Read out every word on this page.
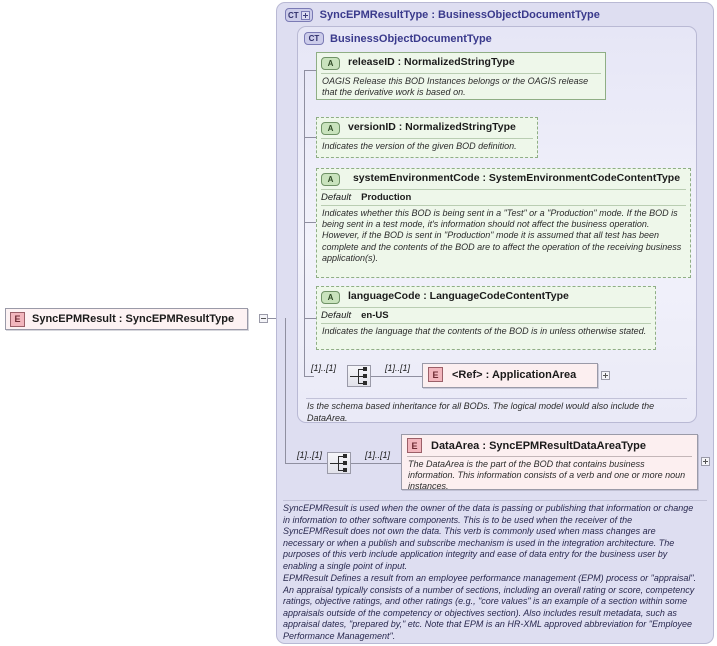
E	SyncEPMResult : SyncEPMResultType
CT SyncEPMResultType : BusinessObjectDocumentType
CT BusinessObjectDocumentType
A	releaseID : NormalizedStringType
OAGIS Release this BOD Instances belongs or the OAGIS release that the derivative work is based on.
A	versionID : NormalizedStringType
Indicates the version of the given BOD definition.
A	systemEnvironmentCode : SystemEnvironmentCodeContentType
Default Production
Indicates whether this BOD is being sent in a "Test" or a "Production" mode. If the BOD is being sent in a test mode, it's information should not affect the business operation. However, if the BOD is sent in "Production" mode it is assumed that all test has been complete and the contents of the BOD are to affect the operation of the receiving business application(s).
A	languageCode : LanguageCodeContentType
Default en-US
Indicates the language that the contents of the BOD is in unless otherwise stated.
[1]..[1]	[1]..[1]
E	<Ref> : ApplicationArea
Is the schema based inheritance for all BODs. The logical model would also include the DataArea.
[1]..[1]	[1]..[1]
E	DataArea : SyncEPMResultDataAreaType
The DataArea is the part of the BOD that contains business information. This information consists of a verb and one or more noun instances.
SyncEPMResult is used when the owner of the data is passing or publishing that information or change in information to other software components. This is to be used when the receiver of the SyncEPMResult does not own the data. This verb is commonly used when mass changes are necessary or when a publish and subscribe mechanism is used in the integration architecture. The purposes of this verb include application integrity and ease of data entry for the business user by enabling a single point of input.
EPMResult Defines a result from an employee performance management (EPM) process or "appraisal". An appraisal typically consists of a number of sections, including an overall rating or score, competency ratings, objective ratings, and other ratings (e.g., "core values" is an example of a section within some appraisals outside of the competency or objectives section). Also includes result metadata, such as appraisal dates, "prepared by," etc. Note that EPM is an HR-XML approved abbreviation for "Employee Performance Management".
